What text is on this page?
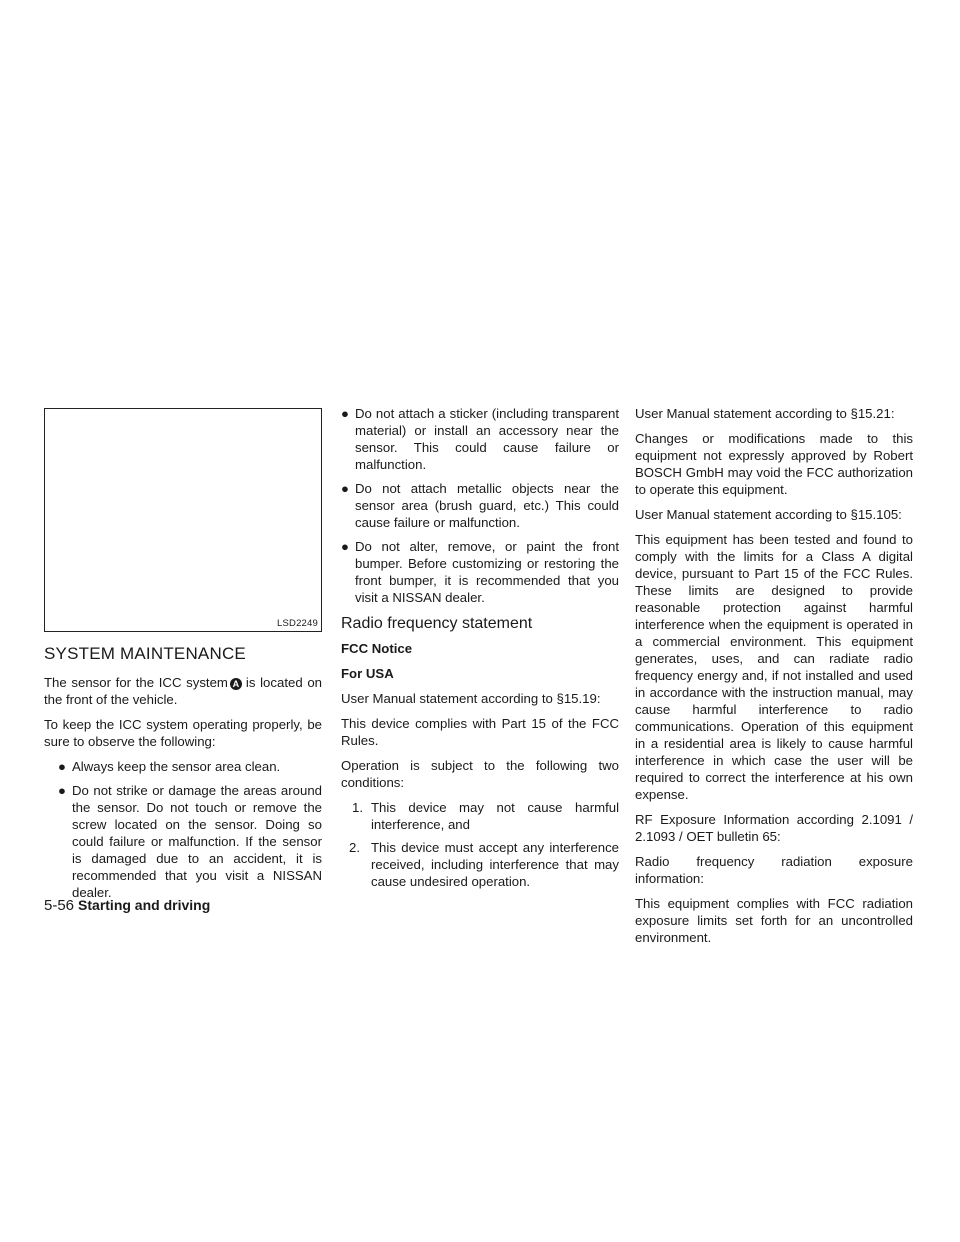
LSD2249
SYSTEM MAINTENANCE

The sensor for the ICC system A is located on the front of the vehicle.

To keep the ICC system operating properly, be sure to observe the following:

● Always keep the sensor area clean.
● Do not strike or damage the areas around the sensor. Do not touch or remove the screw located on the sensor. Doing so could failure or malfunction. If the sensor is damaged due to an accident, it is recommended that you visit a NISSAN dealer.
● Do not attach a sticker (including transparent material) or install an accessory near the sensor. This could cause failure or malfunction.
● Do not attach metallic objects near the sensor area (brush guard, etc.) This could cause failure or malfunction.
● Do not alter, remove, or paint the front bumper. Before customizing or restoring the front bumper, it is recommended that you visit a NISSAN dealer.
Radio frequency statement
FCC Notice
For USA

User Manual statement according to §15.19:

This device complies with Part 15 of the FCC Rules.

Operation is subject to the following two conditions:

1. This device may not cause harmful interference, and
2. This device must accept any interference received, including interference that may cause undesired operation.

User Manual statement according to §15.21:

Changes or modifications made to this equipment not expressly approved by Robert BOSCH GmbH may void the FCC authorization to operate this equipment.

User Manual statement according to §15.105:

This equipment has been tested and found to comply with the limits for a Class A digital device, pursuant to Part 15 of the FCC Rules. These limits are designed to provide reasonable protection against harmful interference when the equipment is operated in a commercial environment. This equipment generates, uses, and can radiate radio frequency energy and, if not installed and used in accordance with the instruction manual, may cause harmful interference to radio communications. Operation of this equipment in a residential area is likely to cause harmful interference in which case the user will be required to correct the interference at his own expense.

RF Exposure Information according 2.1091 / 2.1093 / OET bulletin 65:

Radio frequency radiation exposure information:

This equipment complies with FCC radiation exposure limits set forth for an uncontrolled environment.

5-56 Starting and driving
